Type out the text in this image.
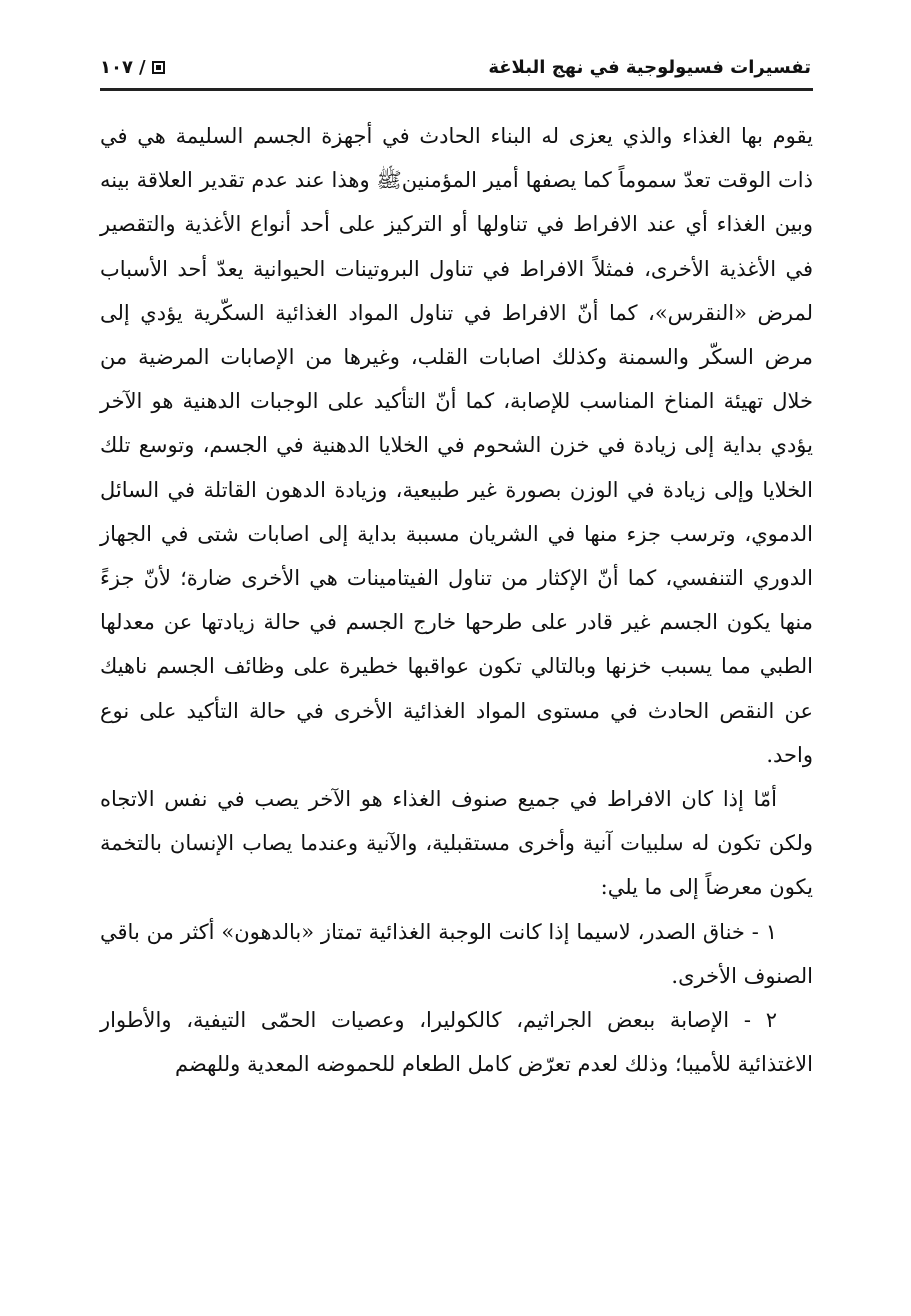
تفسيرات فسيولوجية في نهج البلاغة
١٠٧ /

يقوم بها الغذاء والذي يعزى له البناء الحادث في أجهزة الجسم السليمة هي في ذات الوقت تعدّ سموماً كما يصفها أمير المؤمنين‌ﷺ وهذا عند عدم تقدير العلاقة بينه وبين الغذاء أي عند الافراط في تناولها أو التركيز على أحد أنواع الأغذية والتقصير في الأغذية الأخرى، فمثلاً الافراط في تناول البروتينات الحيوانية يعدّ أحد الأسباب لمرض «النقرس»، كما أنّ الافراط في تناول المواد الغذائية السكّرية يؤدي إلى مرض السكّر والسمنة وكذلك اصابات القلب، وغيرها من الإصابات المرضية من خلال تهيئة المناخ المناسب للإصابة، كما أنّ التأكيد على الوجبات الدهنية هو الآخر يؤدي بداية إلى زيادة في خزن الشحوم في الخلايا الدهنية في الجسم، وتوسع تلك الخلايا وإلى زيادة في الوزن بصورة غير طبيعية، وزيادة الدهون القاتلة في السائل الدموي، وترسب جزء منها في الشريان مسببة بداية إلى اصابات شتى في الجهاز الدوري التنفسي، كما أنّ الإكثار من تناول الفيتامينات هي الأخرى ضارة؛ لأنّ جزءً منها يكون الجسم غير قادر على طرحها خارج الجسم في حالة زيادتها عن معدلها الطبي مما يسبب خزنها وبالتالي تكون عواقبها خطيرة على وظائف الجسم ناهيك عن النقص الحادث في مستوى المواد الغذائية الأخرى في حالة التأكيد على نوع واحد.

أمّا إذا كان الافراط في جميع صنوف الغذاء هو الآخر يصب في نفس الاتجاه ولكن تكون له سلبيات آنية وأخرى مستقبلية، والآنية وعندما يصاب الإنسان بالتخمة يكون معرضاً إلى ما يلي:

١ - خناق الصدر، لاسيما إذا كانت الوجبة الغذائية تمتاز «بالدهون» أكثر من باقي الصنوف الأخرى.

٢ - الإصابة ببعض الجراثيم، كالكوليرا، وعصيات الحمّى التيفية، والأطوار الاغتذائية للأميبا؛ وذلك لعدم تعرّض كامل الطعام للحموضه المعدية وللهضم
